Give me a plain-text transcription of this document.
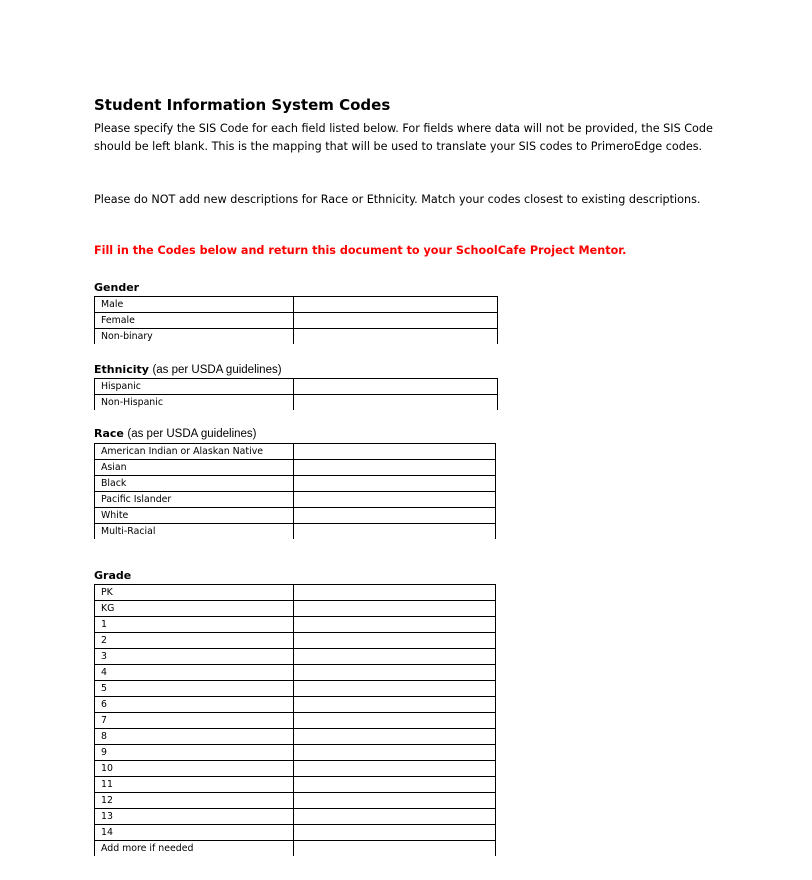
Student Information System Codes

Please specify the SIS Code for each field listed below. For fields where data will not be provided, the SIS Code should be left blank. This is the mapping that will be used to translate your SIS codes to PrimeroEdge codes.

Please do NOT add new descriptions for Race or Ethnicity. Match your codes closest to existing descriptions.

Fill in the Codes below and return this document to your SchoolCafe Project Mentor.

Gender
Male	
Female	
Non-binary	
Ethnicity (as per USDA guidelines)
Hispanic	
Non-Hispanic	
Race (as per USDA guidelines)
American Indian or Alaskan Native	
Asian	
Black	
Pacific Islander	
White	
Multi-Racial	
Grade
PK	
KG	
1	
2	
3	
4	
5	
6	
7	
8	
9	
10	
11	
12	
13	
14	
Add more if needed	
